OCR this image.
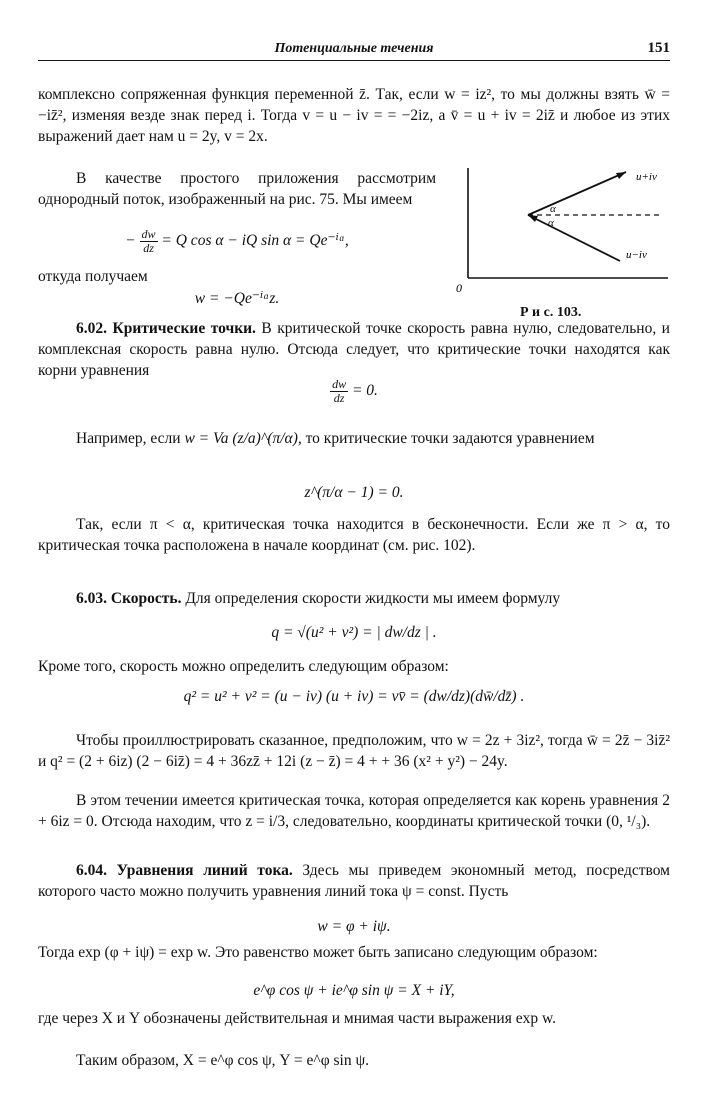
Потенциальные течения	151
комплексно сопряженная функция переменной z̄. Так, если w = iz², то мы должны взять w̄ = −iz̄², изменяя везде знак перед i. Тогда v = u − iv = = −2iz, а v̄ = u + iv = 2iz̄ и любое из этих выражений дает нам u = 2y, v = 2x.
В качестве простого приложения рассмотрим однородный поток, изображенный на рис. 75. Мы имеем
− $\frac{dw}{dz} = Q$ cos α − iQ sin α = Qe⁻ⁱᵅ,
откуда получаем
w = −Qe⁻ⁱᵅz.
u+iv
u−iv
α
α
0
Р и с. 103.
6.02. Критические точки. В критической точке скорость равна нулю, следовательно, и комплексная скорость равна нулю. Отсюда следует, что критические точки находятся как корни уравнения
$\frac{dw}{dz} = 0$.
Например, если w = Va (z/a)^(π/α), то критические точки задаются уравнением
z^(π/α − 1) = 0.
Так, если π < α, критическая точка находится в бесконечности. Если же π > α, то критическая точка расположена в начале координат (см. рис. 102).
6.03. Скорость. Для определения скорости жидкости мы имеем формулу
q = √(u² + v²) = | dw/dz | .
Кроме того, скорость можно определить следующим образом:
q² = u² + v² = (u − iv) (u + iv) = vv̄ = (dw/dz)(dw̄/dz̄) .
Чтобы проиллюстрировать сказанное, предположим, что w = 2z + 3iz², тогда w̄ = 2z̄ − 3iz̄² и q² = (2 + 6iz) (2 − 6iz̄) = 4 + 36zz̄ + 12i (z − z̄) = 4 + + 36 (x² + y²) − 24y.
В этом течении имеется критическая точка, которая определяется как корень уравнения 2 + 6iz = 0. Отсюда находим, что z = i/3, следовательно, координаты критической точки (0, ¹/₃).
6.04. Уравнения линий тока. Здесь мы приведем экономный метод, посредством которого часто можно получить уравнения линий тока ψ = const. Пусть
w = φ + iψ.
Тогда exp (φ + iψ) = exp w. Это равенство может быть записано следующим образом:
e^φ cos ψ + ie^φ sin ψ = X + iY,
где через X и Y обозначены действительная и мнимая части выражения exp w.
Таким образом, X = e^φ cos ψ, Y = e^φ sin ψ.
